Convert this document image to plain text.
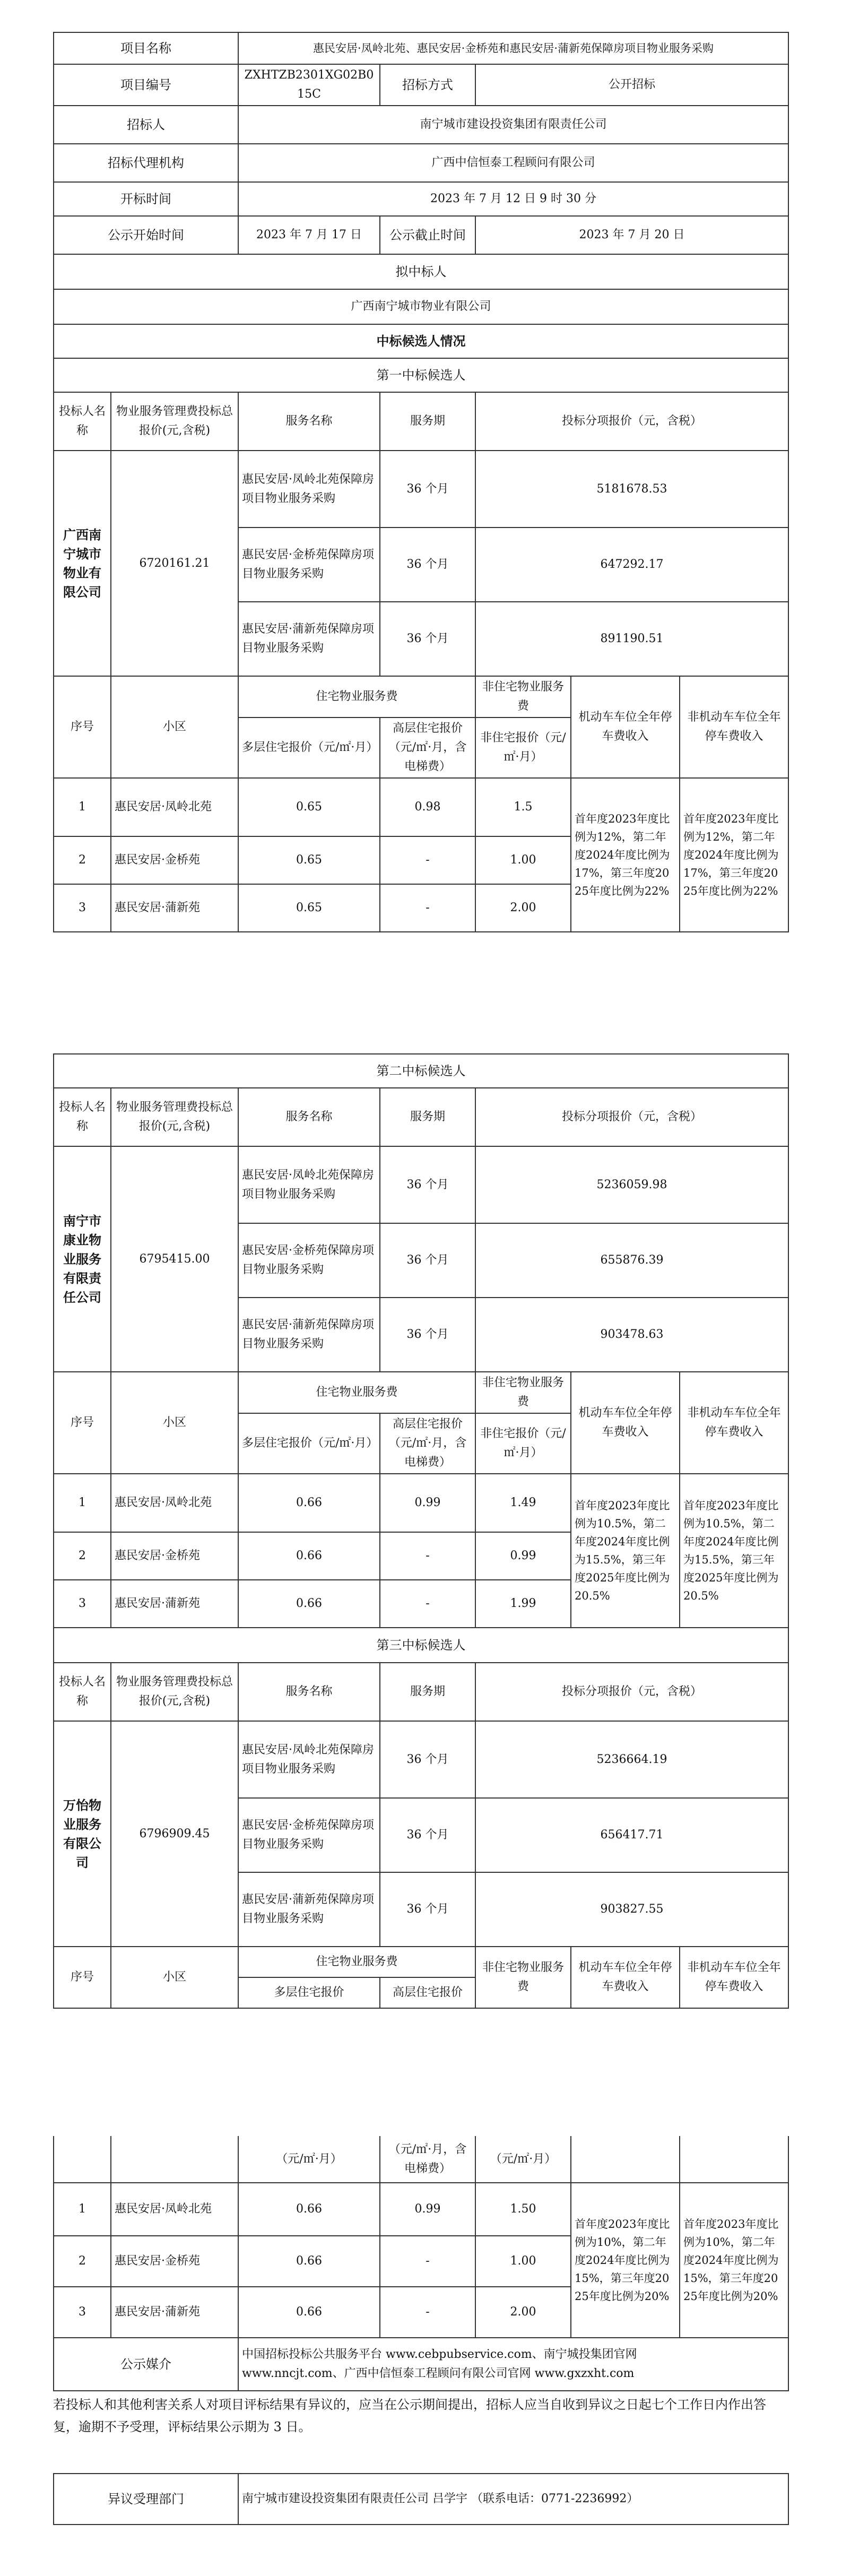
项目名称	惠民安居·凤岭北苑、惠民安居·金桥苑和惠民安居·蒲新苑保障房项目物业服务采购		
项目编号	ZXHTZB2301XG02B015C	招标方式	公开招标
招标人	南宁城市建设投资集团有限责任公司		
招标代理机构	广西中信恒泰工程顾问有限公司		
开标时间	2023 年 7 月 12 日 9 时 30 分		
公示开始时间	2023 年 7 月 17 日	公示截止时间	2023 年 7 月 20 日
拟中标人			
广西南宁城市物业有限公司			
中标候选人情况			
第一中标候选人						
投标人名称	物业服务管理费投标总报价(元,含税)	服务名称	服务期	投标分项报价（元，含税）		
广西南宁城市物业有限公司	6720161.21	惠民安居·凤岭北苑保障房项目物业服务采购	36 个月	5181678.53		
		惠民安居·金桥苑保障房项目物业服务采购	36 个月	647292.17		
		惠民安居·蒲新苑保障房项目物业服务采购	36 个月	891190.51		
序号	小区	住宅物业服务费		非住宅物业服务费	机动车车位全年停车费收入	非机动车车位全年停车费收入
		多层住宅报价（元/㎡·月）	高层住宅报价（元/㎡·月，含电梯费）	非住宅报价（元/㎡·月）		
1	惠民安居·凤岭北苑	0.65	0.98	1.5	首年度2023年度比例为12%，第二年度2024年度比例为17%，第三年度2025年度比例为22%	首年度2023年度比例为12%，第二年度2024年度比例为17%，第三年度2025年度比例为22%
2	惠民安居·金桥苑	0.65	-	1.00		
3	惠民安居·蒲新苑	0.65	-	2.00		
第二中标候选人						
投标人名称	物业服务管理费投标总报价(元,含税)	服务名称	服务期	投标分项报价（元，含税）		
南宁市康业物业服务有限责任公司	6795415.00	惠民安居·凤岭北苑保障房项目物业服务采购	36 个月	5236059.98		
		惠民安居·金桥苑保障房项目物业服务采购	36 个月	655876.39		
		惠民安居·蒲新苑保障房项目物业服务采购	36 个月	903478.63		
序号	小区	住宅物业服务费		非住宅物业服务费	机动车车位全年停车费收入	非机动车车位全年停车费收入
		多层住宅报价（元/㎡·月）	高层住宅报价（元/㎡·月，含电梯费）	非住宅报价（元/㎡·月）		
1	惠民安居·凤岭北苑	0.66	0.99	1.49	首年度2023年度比例为10.5%，第二年度2024年度比例为15.5%，第三年度2025年度比例为20.5%	首年度2023年度比例为10.5%，第二年度2024年度比例为15.5%，第三年度2025年度比例为20.5%
2	惠民安居·金桥苑	0.66	-	0.99		
3	惠民安居·蒲新苑	0.66	-	1.99		
第三中标候选人						
投标人名称	物业服务管理费投标总报价(元,含税)	服务名称	服务期	投标分项报价（元，含税）		
万怡物业服务有限公司	6796909.45	惠民安居·凤岭北苑保障房项目物业服务采购	36 个月	5236664.19		
		惠民安居·金桥苑保障房项目物业服务采购	36 个月	656417.71		
		惠民安居·蒲新苑保障房项目物业服务采购	36 个月	903827.55		
序号	小区	住宅物业服务费		非住宅物业服务费	机动车车位全年停车费收入	非机动车车位全年停车费收入
		多层住宅报价	高层住宅报价			
		（元/㎡·月）	（元/㎡·月，含电梯费）	（元/㎡·月）		
1	惠民安居·凤岭北苑	0.66	0.99	1.50	首年度2023年度比例为10%，第二年度2024年度比例为15%，第三年度2025年度比例为20%	首年度2023年度比例为10%，第二年度2024年度比例为15%，第三年度2025年度比例为20%
2	惠民安居·金桥苑	0.66	-	1.00		
3	惠民安居·蒲新苑	0.66	-	2.00		
公示媒介		中国招标投标公共服务平台 www.cebpubservice.com、南宁城投集团官网
www.nncjt.com、广西中信恒泰工程顾问有限公司官网 www.gxzxht.com				
若投标人和其他利害关系人对项目评标结果有异议的，应当在公示期间提出，招标人应当自收到异议之日起七个工作日内作出答复，逾期不予受理，评标结果公示期为 3 日。
异议受理部门	南宁城市建设投资集团有限责任公司 吕学宇 （联系电话：0771-2236992）
